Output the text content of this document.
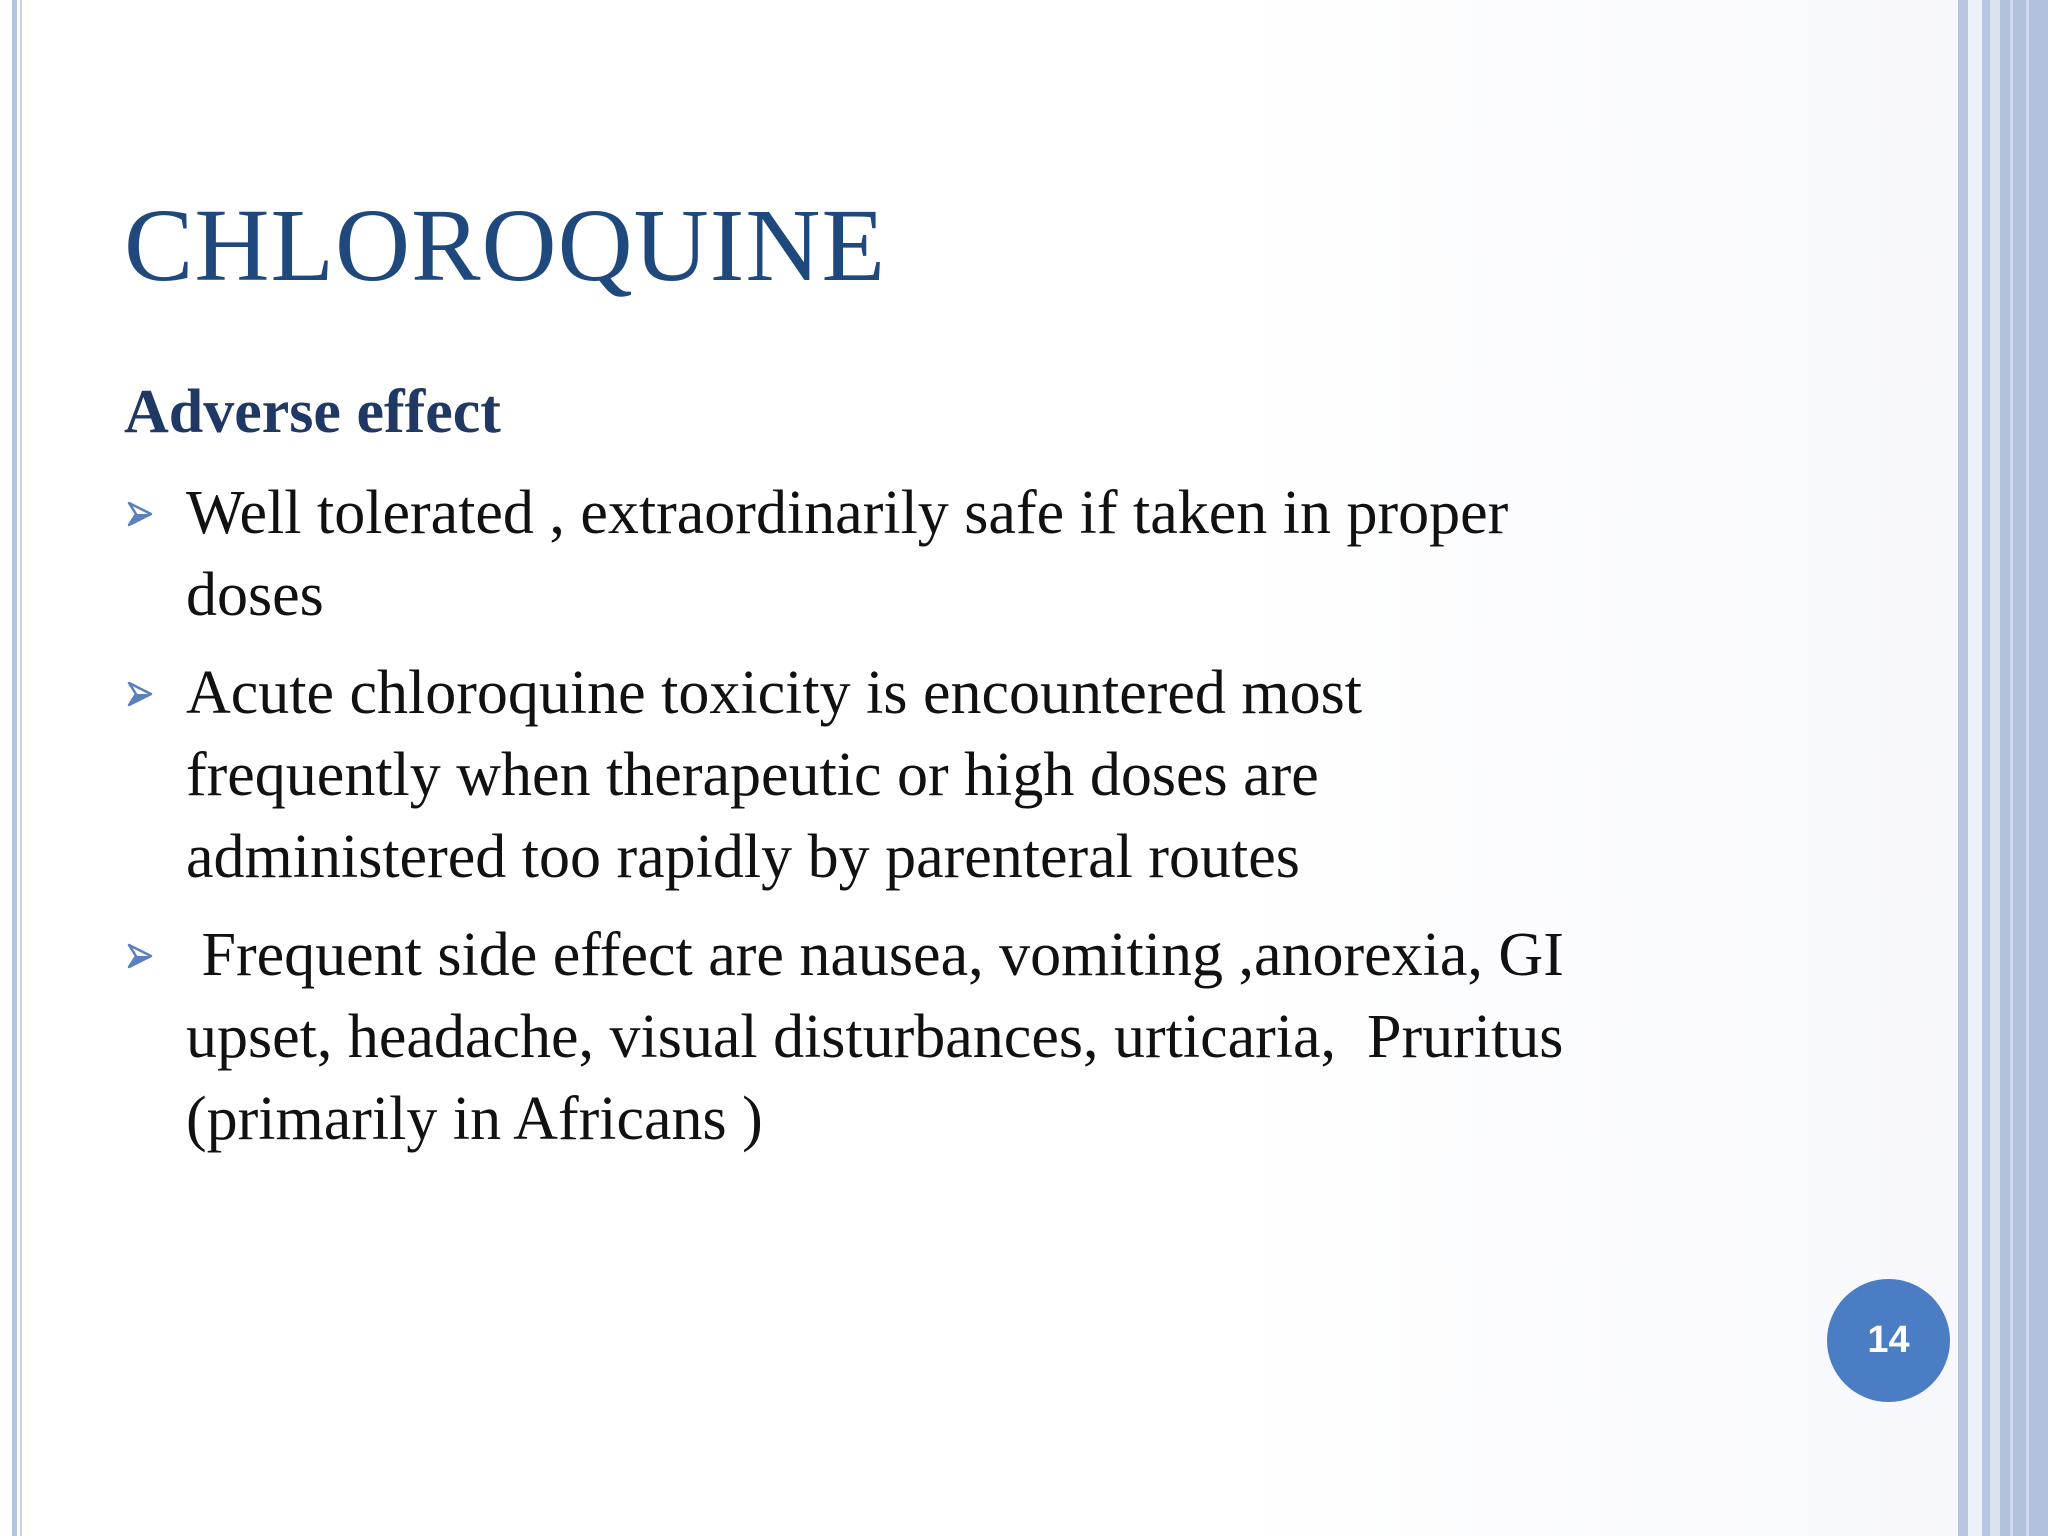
CHLOROQUINE
Adverse effect
Well tolerated , extraordinarily safe if taken in proper
doses
Acute chloroquine toxicity is encountered most
frequently when therapeutic or high doses are
administered too rapidly by parenteral routes
Frequent side effect are nausea, vomiting ,anorexia, GI
upset, headache, visual disturbances, urticaria,  Pruritus
(primarily in Africans )
14
